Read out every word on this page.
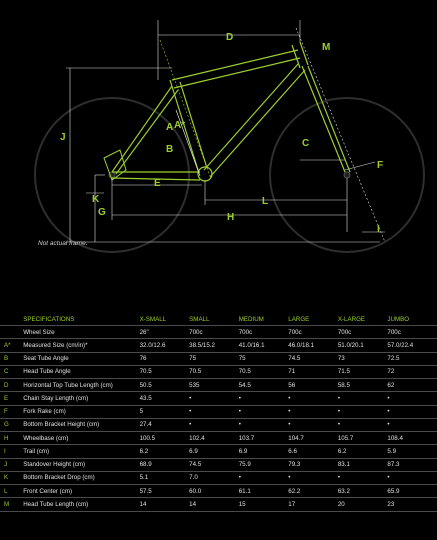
D
M
J
A*
A
B
C
F
E
K
G	H
L
I
Not actual frame.
	SPECIFICATIONS	X-SMALL	SMALL	MEDIUM	LARGE	X-LARGE	JUMBO
	Wheel Size	26"	700c	700c	700c	700c	700c
A*	Measured Size (cm/in)*	32.0/12.6	38.5/15.2	41.0/16.1	46.0/18.1	51.0/20.1	57.0/22.4
B	Seat Tube Angle	76	75	75	74.5	73	72.5
C	Head Tube Angle	70.5	70.5	70.5	71	71.5	72
D	Horizontal Top Tube Length (cm)	50.5	535	54.5	56	58.5	62
E	Chain Stay Length (cm)	43.5	•	•	•	•	•
F	Fork Rake (cm)	5	•	•	•	•	•
G	Bottom Bracket Height (cm)	27.4	•	•	•	•	•
H	Wheelbase (cm)	100.5	102.4	103.7	104.7	105.7	108.4
I	Trail (cm)	6.2	6.9	6.9	6.6	6.2	5.9
J	Standover Height (cm)	68.9	74.5	75.9	79.3	83.1	87.3
K	Bottom Bracket Drop (cm)	5.1	7.0	•	•	•	•
L	Front Center (cm)	57.5	60.0	61.1	62.2	63.2	65.9
M	Head Tube Length (cm)	14	14	15	17	20	23
